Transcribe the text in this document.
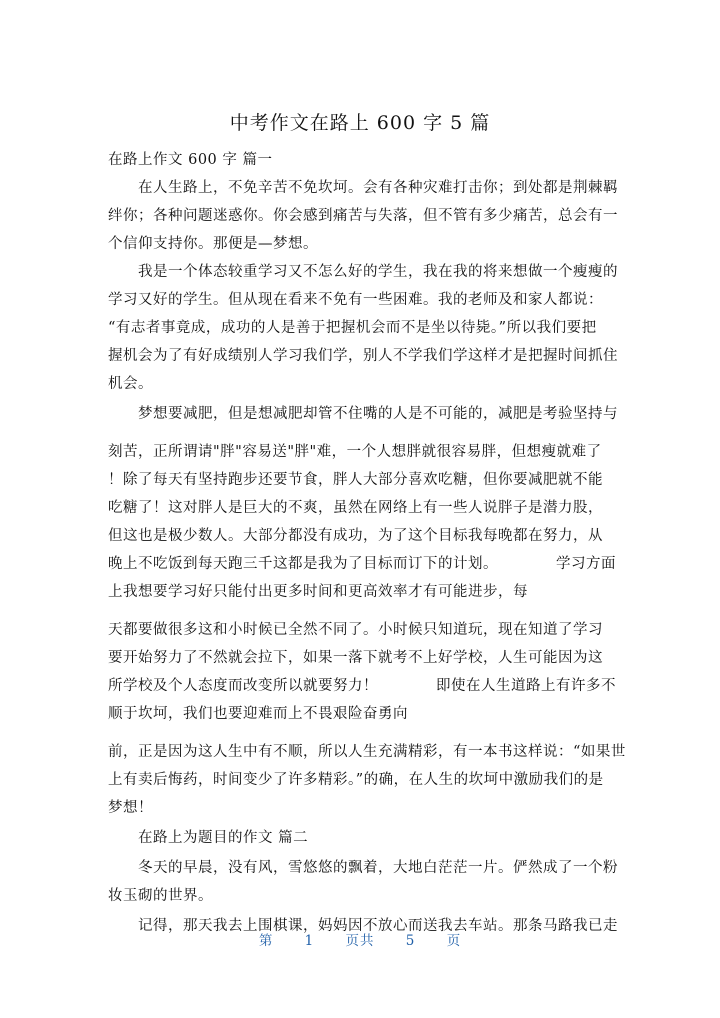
中考作文在路上 600 字 5 篇
在路上作文 600 字 篇一
在人生路上，不免辛苦不免坎坷。会有各种灾难打击你；到处都是荆棘羁
绊你；各种问题迷惑你。你会感到痛苦与失落，但不管有多少痛苦，总会有一
个信仰支持你。那便是—梦想。
我是一个体态较重学习又不怎么好的学生，我在我的将来想做一个瘦瘦的
学习又好的学生。但从现在看来不免有一些困难。我的老师及和家人都说：
“有志者事竟成，成功的人是善于把握机会而不是坐以待毙。”所以我们要把
握机会为了有好成绩别人学习我们学，别人不学我们学这样才是把握时间抓住
机会。
梦想要减肥，但是想减肥却管不住嘴的人是不可能的，减肥是考验坚持与
刻苦，正所谓请"胖"容易送"胖"难，一个人想胖就很容易胖，但想瘦就难了
！除了每天有坚持跑步还要节食，胖人大部分喜欢吃糖，但你要减肥就不能
吃糖了！这对胖人是巨大的不爽，虽然在网络上有一些人说胖子是潜力股，
但这也是极少数人。大部分都没有成功，为了这个目标我每晚都在努力，从
晚上不吃饭到每天跑三千这都是我为了目标而订下的计划。	学习方面
上我想要学习好只能付出更多时间和更高效率才有可能进步，每
天都要做很多这和小时候已全然不同了。小时候只知道玩，现在知道了学习
要开始努力了不然就会拉下，如果一落下就考不上好学校，人生可能因为这
所学校及个人态度而改变所以就要努力！	即使在人生道路上有许多不
顺于坎坷，我们也要迎难而上不畏艰险奋勇向
前，正是因为这人生中有不顺，所以人生充满精彩，有一本书这样说：“如果世
上有卖后悔药，时间变少了许多精彩。”的确，在人生的坎坷中激励我们的是
梦想！
在路上为题目的作文 篇二
冬天的早晨，没有风，雪悠悠的飘着，大地白茫茫一片。俨然成了一个粉
妆玉砌的世界。
记得，那天我去上围棋课，妈妈因不放心而送我去车站。那条马路我已走
第 1 页共 5 页
